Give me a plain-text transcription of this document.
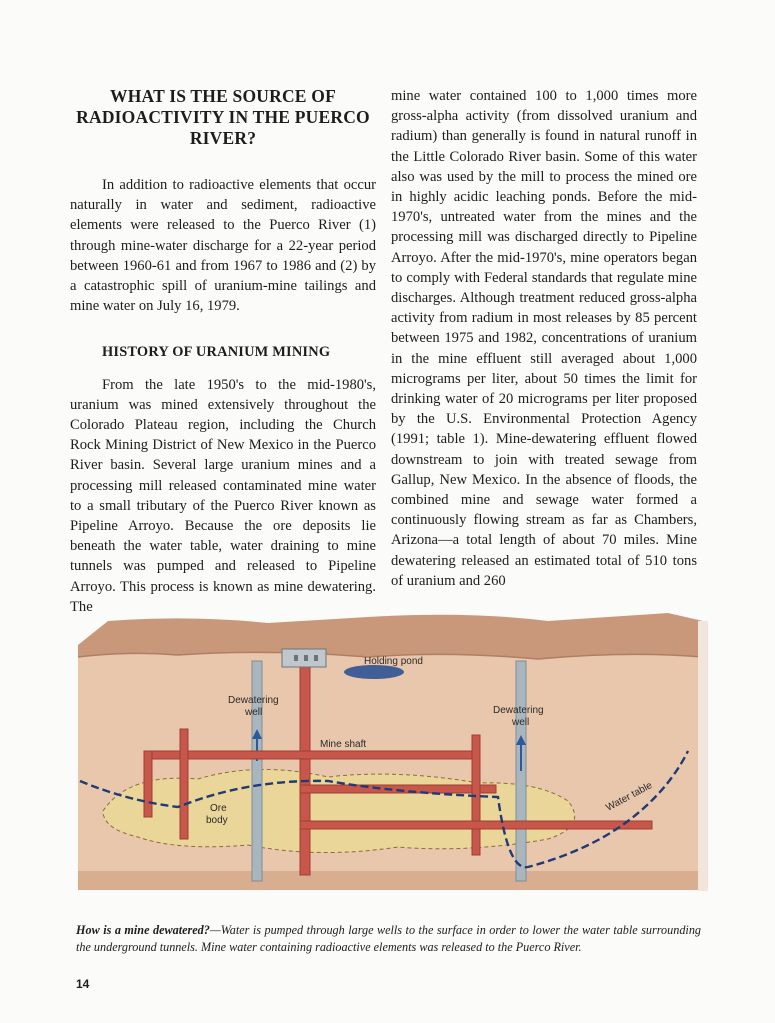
WHAT IS THE SOURCE OF RADIOACTIVITY IN THE PUERCO RIVER?

In addition to radioactive elements that occur naturally in water and sediment, radioactive elements were released to the Puerco River (1) through mine-water discharge for a 22-year period between 1960-61 and from 1967 to 1986 and (2) by a catastrophic spill of uranium-mine tailings and mine water on July 16, 1979.

HISTORY OF URANIUM MINING

From the late 1950's to the mid-1980's, uranium was mined extensively throughout the Colorado Plateau region, including the Church Rock Mining District of New Mexico in the Puerco River basin. Several large uranium mines and a processing mill released contaminated mine water to a small tributary of the Puerco River known as Pipeline Arroyo. Because the ore deposits lie beneath the water table, water draining to mine tunnels was pumped and released to Pipeline Arroyo. This process is known as mine dewatering. The

mine water contained 100 to 1,000 times more gross-alpha activity (from dissolved uranium and radium) than generally is found in natural runoff in the Little Colorado River basin. Some of this water also was used by the mill to process the mined ore in highly acidic leaching ponds. Before the mid-1970's, untreated water from the mines and the processing mill was discharged directly to Pipeline Arroyo. After the mid-1970's, mine operators began to comply with Federal standards that regulate mine discharges. Although treatment reduced gross-alpha activity from radium in most releases by 85 percent between 1975 and 1982, concentrations of uranium in the mine effluent still averaged about 1,000 micrograms per liter, about 50 times the limit for drinking water of 20 micrograms per liter proposed by the U.S. Environmental Protection Agency (1991; table 1). Mine-dewatering effluent flowed downstream to join with treated sewage from Gallup, New Mexico. In the absence of floods, the combined mine and sewage water formed a continuously flowing stream as far as Chambers, Arizona—a total length of about 70 miles. Mine dewatering released an estimated total of 510 tons of uranium and 260

Holding pond
Dewatering
well	Dewatering
well
Mine shaft
Ore
body
Water table

How is a mine dewatered?—Water is pumped through large wells to the surface in order to lower the water table surrounding the underground tunnels. Mine water containing radioactive elements was released to the Puerco River.

14
